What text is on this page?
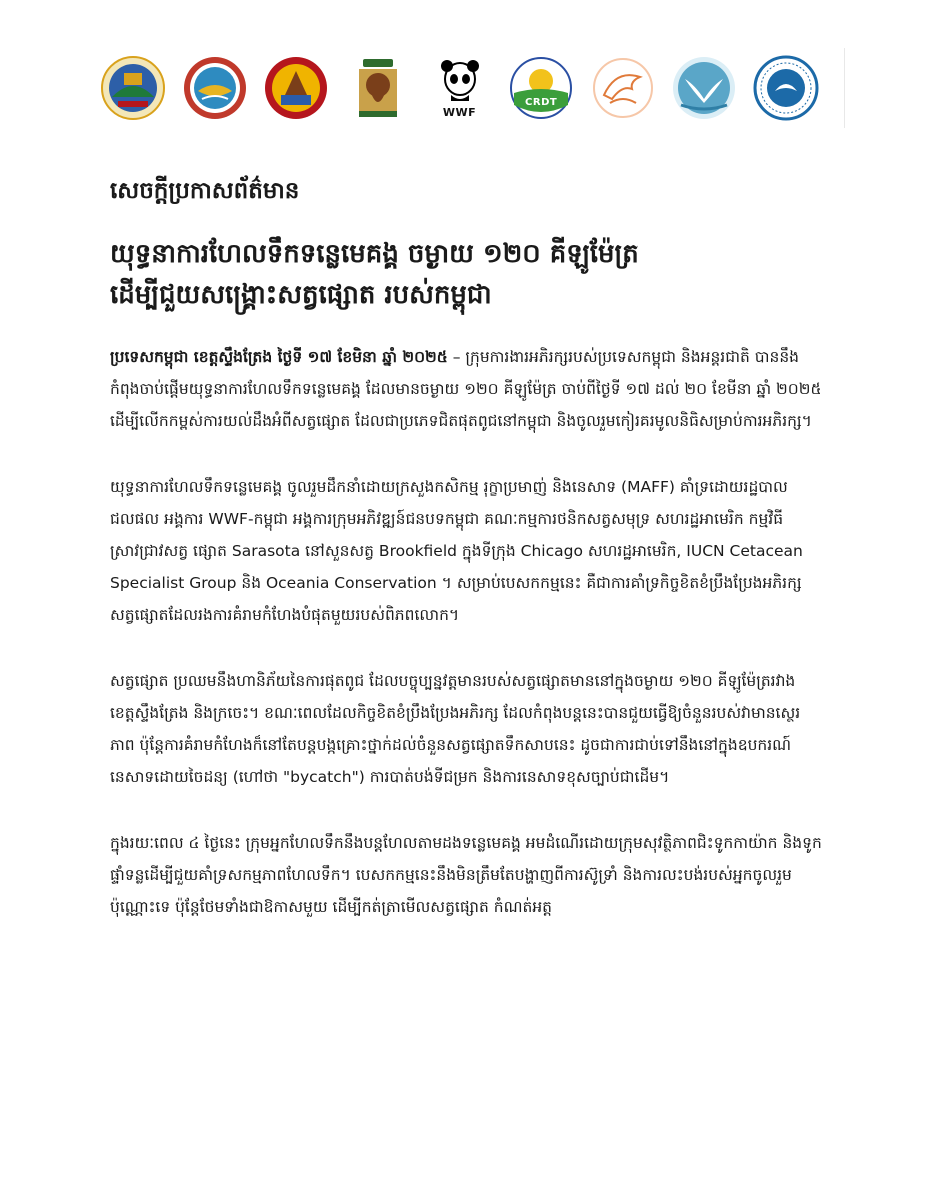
WWF
CRDT
សេចក្ដីប្រកាសព័ត៌មាន
យុទ្ធនាការហែលទឹកទន្លេមេគង្គ ចម្ងាយ ១២០ គីឡូម៉ែត្រ
ដើម្បីជួយសង្គ្រោះសត្វផ្សោត របស់កម្ពុជា

ប្រទេសកម្ពុជា ខេត្តស្ទឹងត្រែង ថ្ងៃទី ១៧ ខែមិនា ឆ្នាំ ២០២៥ – ក្រុមការងារអភិរក្សរបស់ប្រទេសកម្ពុជា និងអន្តរជាតិ បាននឹងកំពុងចាប់ផ្ដើមយុទ្ធនាការហែលទឹកទន្លេមេគង្គ ដែលមានចម្ងាយ ១២០ គីឡូម៉ែត្រ ចាប់ពីថ្ងៃទី ១៧ ដល់ ២០ ខែមីនា ឆ្នាំ ២០២៥ ដើម្បីលើកកម្ពស់ការយល់ដឹងអំពីសត្វផ្សោត ដែលជាប្រភេទជិតផុតពូជនៅកម្ពុជា និងចូលរួមកៀរគរមូលនិធិសម្រាប់ការអភិរក្ស។

យុទ្ធនាការហែលទឹកទន្លេមេគង្គ ចូលរួមដឹកនាំដោយក្រសួងកសិកម្ម រុក្ខាប្រមាញ់ និងនេសាទ (MAFF) គាំទ្រដោយរដ្ឋបាលជលផល អង្គការ WWF-កម្ពុជា អង្គការក្រុមអភិវឌ្ឍន៍ជនបទកម្ពុជា គណៈកម្មការថនិកសត្វសមុទ្រ សហរដ្ឋអាមេរិក កម្មវិធីស្រាវជ្រាវសត្វ ផ្សោត Sarasota នៅសួនសត្វ Brookfield ក្នុងទីក្រុង Chicago សហរដ្ឋអាមេរិក, IUCN Cetacean Specialist Group និង Oceania Conservation ។ សម្រាប់បេសកកម្មនេះ គឺជាការគាំទ្រកិច្ចខិតខំប្រឹងប្រែងអភិរក្សសត្វផ្សោតដែលរងការគំរាមកំហែងបំផុតមួយរបស់ពិភពលោក។

សត្វផ្សោត ប្រឈមនឹងហានិភ័យនៃការផុតពូជ ដែលបច្ចុប្បន្នវត្តមានរបស់សត្វផ្សោតមាននៅក្នុងចម្ងាយ ១២០ គីឡូម៉ែត្ររវាង ខេត្តស្ទឹងត្រែង និងក្រចេះ។ ខណៈពេលដែលកិច្ចខិតខំប្រឹងប្រែងអភិរក្ស ដែលកំពុងបន្តនេះបានជួយធ្វើឱ្យចំនួនរបស់វាមានស្ថេរភាព ប៉ុន្តែការគំរាមកំហែងក៏នៅតែបន្តបង្កគ្រោះថ្នាក់ដល់ចំនួនសត្វផ្សោតទឹកសាបនេះ ដូចជាការជាប់ទៅនឹងនៅក្នុងឧបករណ៍នេសាទដោយចៃដន្យ (ហៅថា "bycatch") ការបាត់បង់ទីជម្រក និងការនេសាទខុសច្បាប់ជាដើម។

ក្នុងរយៈពេល ៤ ថ្ងៃនេះ ក្រុមអ្នកហែលទឹកនឹងបន្តហែលតាមដងទន្លេមេគង្គ អមដំណើរដោយក្រុមសុវត្ថិភាពជិះទូកកាយ៉ាក និងទូកផ្ទាំទន្លដើម្បីជួយគាំទ្រសកម្មភាពហែលទឹក។ បេសកកម្មនេះនឹងមិនត្រឹមតែបង្ហាញពីការស៊ូទ្រាំ និងការលះបង់របស់អ្នកចូលរួមប៉ុណ្ណោះទេ ប៉ុន្តែថែមទាំងជាឱកាសមួយ ដើម្បីកត់ត្រាមើលសត្វផ្សោត កំណត់អត្ត
